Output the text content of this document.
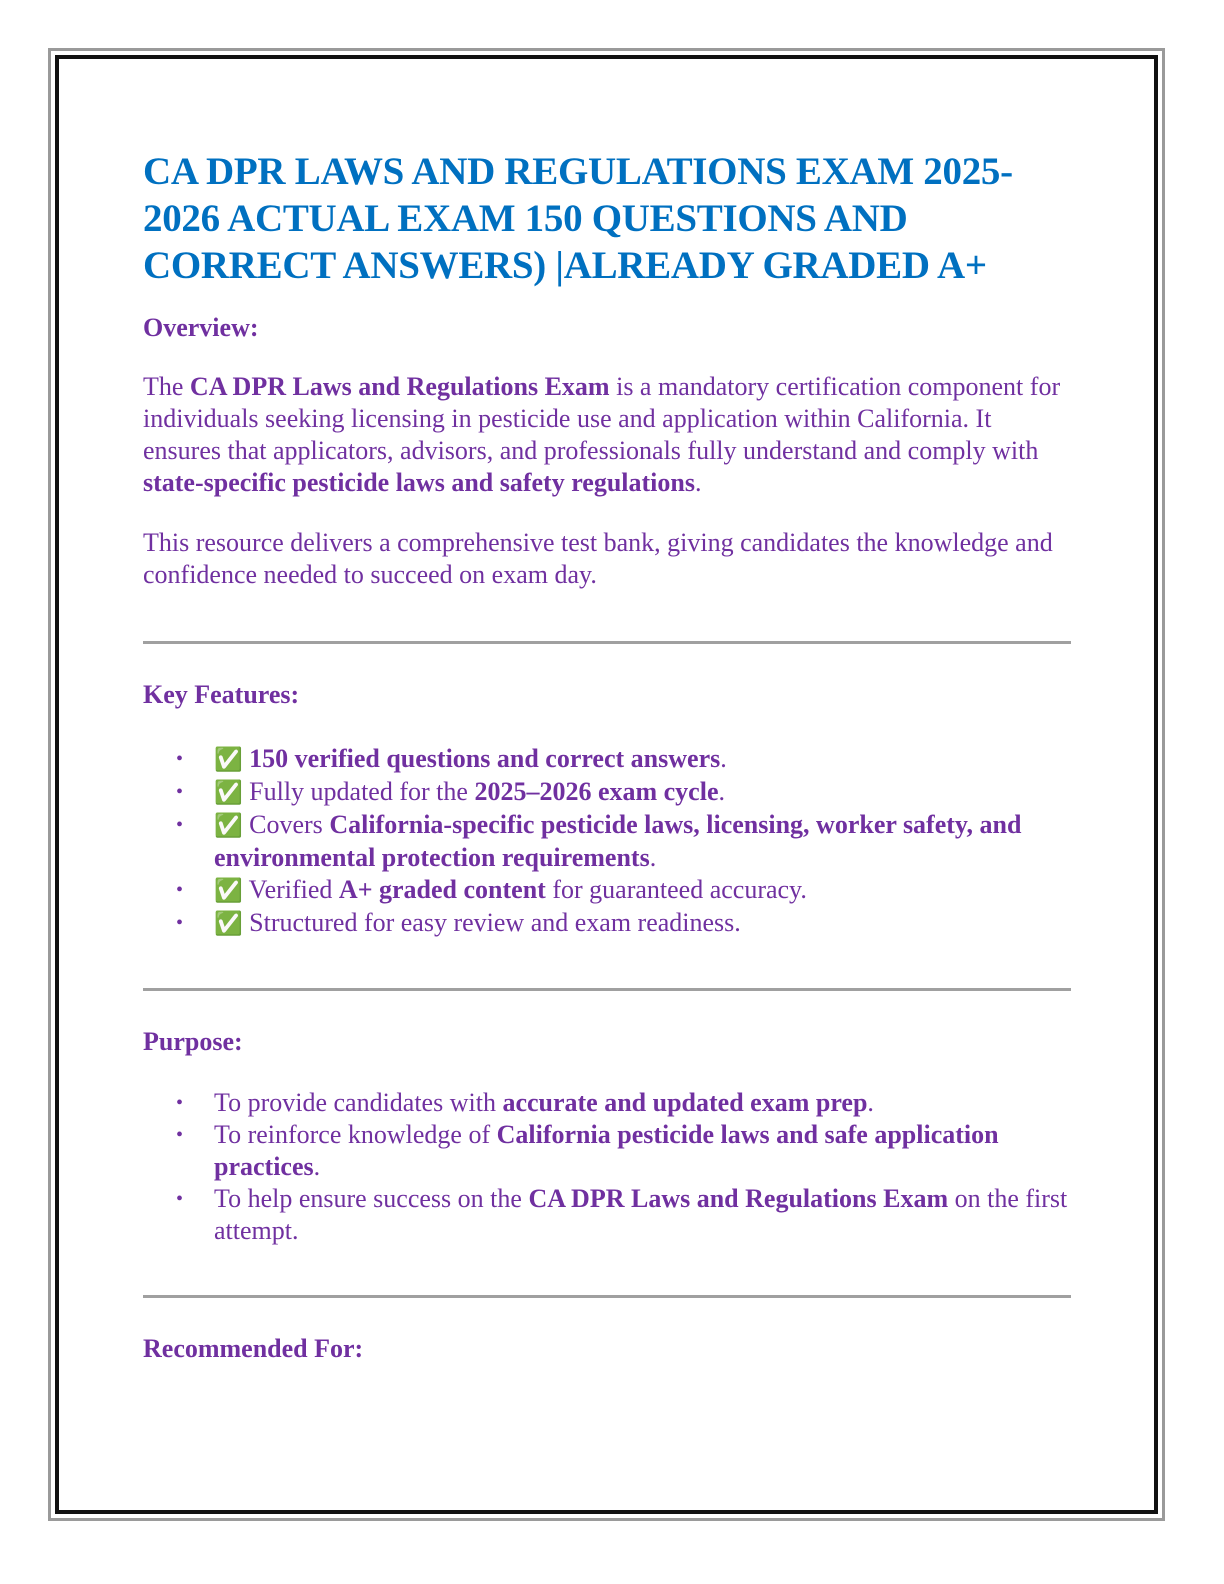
CA DPR LAWS AND REGULATIONS EXAM 2025-
2026 ACTUAL EXAM 150 QUESTIONS AND
CORRECT ANSWERS) |ALREADY GRADED A+
Overview:

The CA DPR Laws and Regulations Exam is a mandatory certification component for individuals seeking licensing in pesticide use and application within California. It ensures that applicators, advisors, and professionals fully understand and comply with state-specific pesticide laws and safety regulations.

This resource delivers a comprehensive test bank, giving candidates the knowledge and confidence needed to succeed on exam day.

Key Features:
• ✅ 150 verified questions and correct answers.
• ✅ Fully updated for the 2025–2026 exam cycle.
• ✅ Covers California-specific pesticide laws, licensing, worker safety, and environmental protection requirements.
• ✅ Verified A+ graded content for guaranteed accuracy.
• ✅ Structured for easy review and exam readiness.
Purpose:
• To provide candidates with accurate and updated exam prep.
• To reinforce knowledge of California pesticide laws and safe application practices.
• To help ensure success on the CA DPR Laws and Regulations Exam on the first attempt.
Recommended For:
